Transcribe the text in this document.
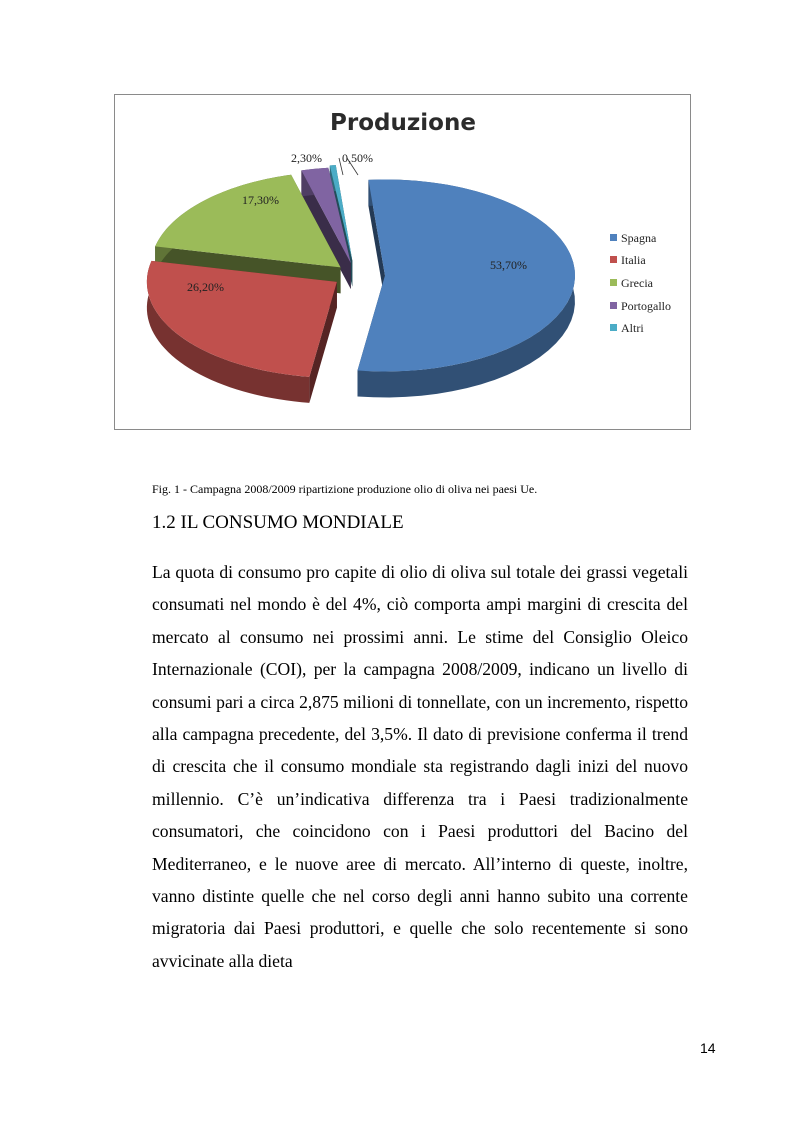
Produzione
53,70%
26,20%
17,30%
2,30% 0,50%
Spagna
Italia
Grecia
Portogallo
Altri
Fig. 1 - Campagna 2008/2009 ripartizione produzione olio di oliva nei paesi Ue.
1.2 IL CONSUMO MONDIALE

La quota di consumo pro capite di olio di oliva sul totale dei grassi vegetali consumati nel mondo è del 4%, ciò comporta ampi margini di crescita del mercato al consumo nei prossimi anni. Le stime del Consiglio Oleico Internazionale (COI), per la campagna 2008/2009, indicano un livello di consumi pari a circa 2,875 milioni di tonnellate, con un incremento, rispetto alla campagna precedente, del 3,5%. Il dato di previsione conferma il trend di crescita che il consumo mondiale sta registrando dagli inizi del nuovo millennio. C’è un’indicativa differenza tra i Paesi tradizionalmente consumatori, che coincidono con i Paesi produttori del Bacino del Mediterraneo, e le nuove aree di mercato. All’interno di queste, inoltre, vanno distinte quelle che nel corso degli anni hanno subito una corrente migratoria dai Paesi produttori, e quelle che solo recentemente si sono avvicinate alla dieta

14
